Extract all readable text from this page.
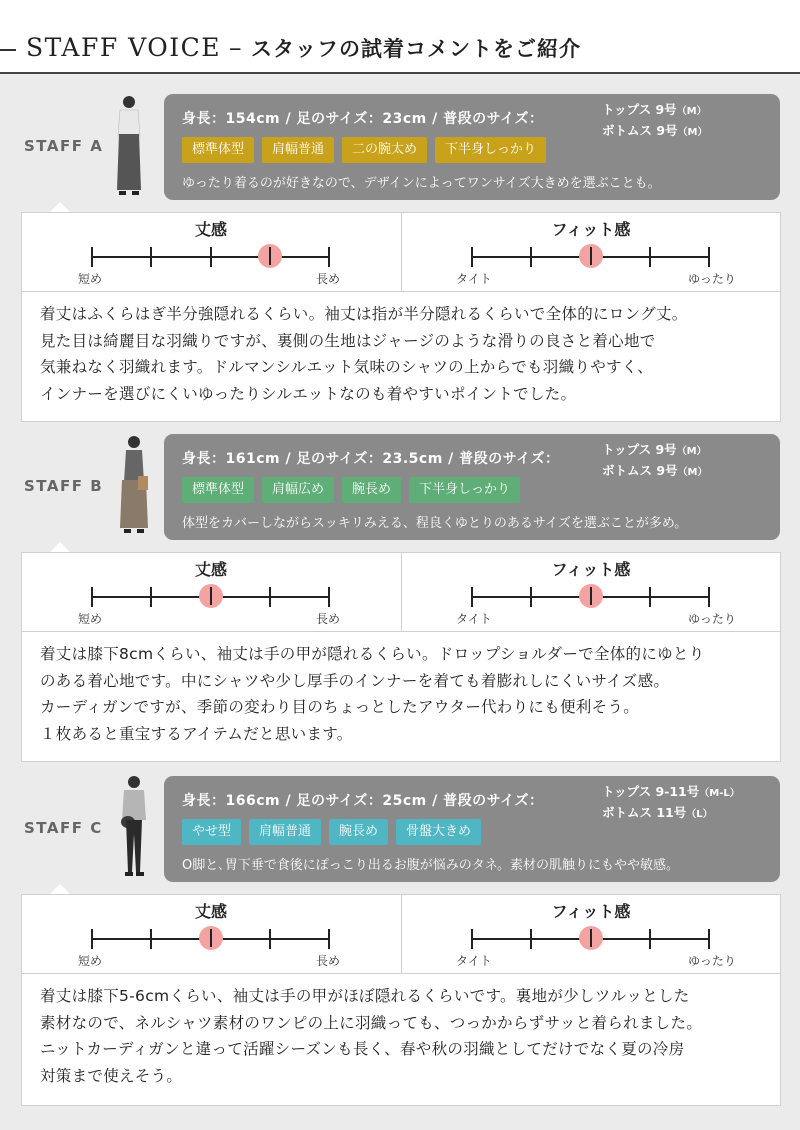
STAFF VOICE – スタッフの試着コメントをご紹介
STAFF A
身長：154cm / 足のサイズ：23cm / 普段のサイズ：
トップス 9号（M）
ボトムス 9号（M）
標準体型	肩幅普通	二の腕太め	下半身しっかり
ゆったり着るのが好きなので、デザインによってワンサイズ大きめを選ぶことも。
丈感
短め	長め
フィット感
タイト	ゆったり
着丈はふくらはぎ半分強隠れるくらい。袖丈は指が半分隠れるくらいで全体的にロング丈。
見た目は綺麗目な羽織りですが、裏側の生地はジャージのような滑りの良さと着心地で
気兼ねなく羽織れます。ドルマンシルエット気味のシャツの上からでも羽織りやすく、
インナーを選びにくいゆったりシルエットなのも着やすいポイントでした。
STAFF B
身長：161cm / 足のサイズ：23.5cm / 普段のサイズ：
トップス 9号（M）
ボトムス 9号（M）
標準体型	肩幅広め	腕長め	下半身しっかり
体型をカバーしながらスッキリみえる、程良くゆとりのあるサイズを選ぶことが多め。
丈感
短め	長め
フィット感
タイト	ゆったり
着丈は膝下8cmくらい、袖丈は手の甲が隠れるくらい。ドロップショルダーで全体的にゆとり
のある着心地です。中にシャツや少し厚手のインナーを着ても着膨れしにくいサイズ感。
カーディガンですが、季節の変わり目のちょっとしたアウター代わりにも便利そう。
１枚あると重宝するアイテムだと思います。
STAFF C
身長：166cm / 足のサイズ：25cm / 普段のサイズ：
トップス 9-11号（M-L）
ボトムス 11号（L）
やせ型	肩幅普通	腕長め	骨盤大きめ
O脚と､胃下垂で食後にぽっこり出るお腹が悩みのタネ。素材の肌触りにもやや敏感。
丈感
短め	長め
フィット感
タイト	ゆったり
着丈は膝下5-6cmくらい、袖丈は手の甲がほぼ隠れるくらいです。裏地が少しツルッとした
素材なので、ネルシャツ素材のワンピの上に羽織っても、つっかからずサッと着られました。
ニットカーディガンと違って活躍シーズンも長く、春や秋の羽織としてだけでなく夏の冷房
対策まで使えそう。
